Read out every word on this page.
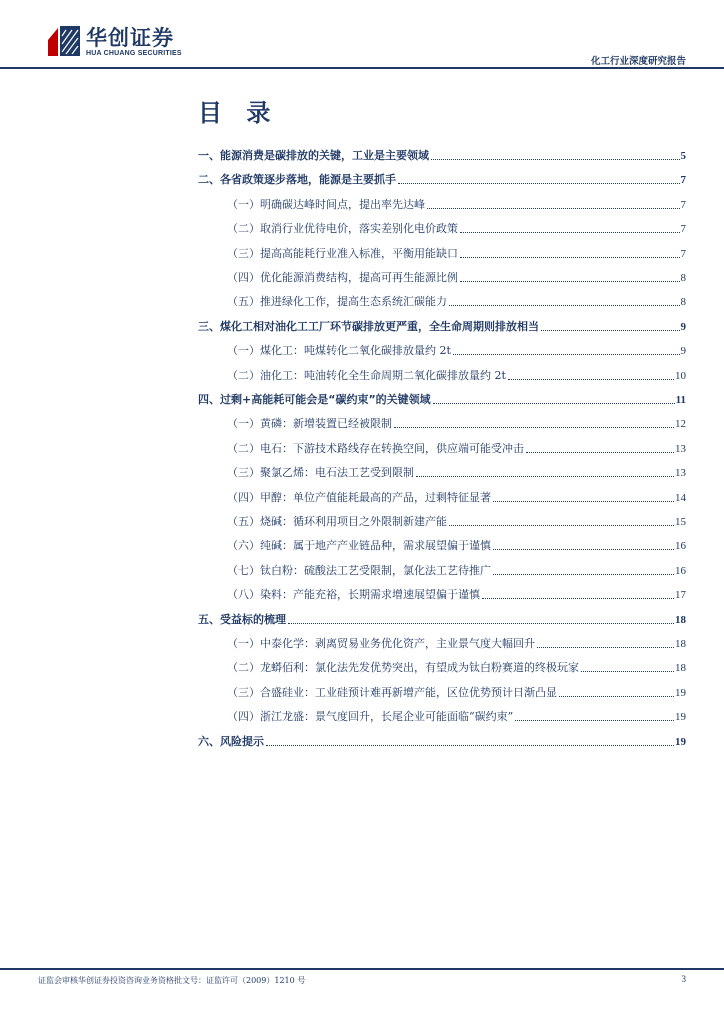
华创证券
HUA CHUANG SECURITIES
化工行业深度研究报告
目 录
一、能源消费是碳排放的关键，工业是主要领域	5
二、各省政策逐步落地，能源是主要抓手	7
（一）明确碳达峰时间点，提出率先达峰	7
（二）取消行业优待电价，落实差别化电价政策	7
（三）提高高能耗行业准入标准，平衡用能缺口	7
（四）优化能源消费结构，提高可再生能源比例	8
（五）推进绿化工作，提高生态系统汇碳能力	8
三、煤化工相对油化工工厂环节碳排放更严重，全生命周期则排放相当	9
（一）煤化工：吨煤转化二氧化碳排放量约 2t	9
（二）油化工：吨油转化全生命周期二氧化碳排放量约 2t	10
四、过剩+高能耗可能会是“碳约束”的关键领域	11
（一）黄磷：新增装置已经被限制	12
（二）电石：下游技术路线存在转换空间，供应端可能受冲击	13
（三）聚氯乙烯：电石法工艺受到限制	13
（四）甲醇：单位产值能耗最高的产品，过剩特征显著	14
（五）烧碱：循环利用项目之外限制新建产能	15
（六）纯碱：属于地产产业链品种，需求展望偏于谨慎	16
（七）钛白粉：硫酸法工艺受限制，氯化法工艺待推广	16
（八）染料：产能充裕，长期需求增速展望偏于谨慎	17
五、受益标的梳理	18
（一）中泰化学：剥离贸易业务优化资产，主业景气度大幅回升	18
（二）龙蟒佰利：氯化法先发优势突出，有望成为钛白粉赛道的终极玩家	18
（三）合盛硅业：工业硅预计难再新增产能，区位优势预计日渐凸显	19
（四）浙江龙盛：景气度回升，长尾企业可能面临“碳约束”	19
六、风险提示	19
证监会审核华创证券投资咨询业务资格批文号：证监许可（2009）1210 号	3
